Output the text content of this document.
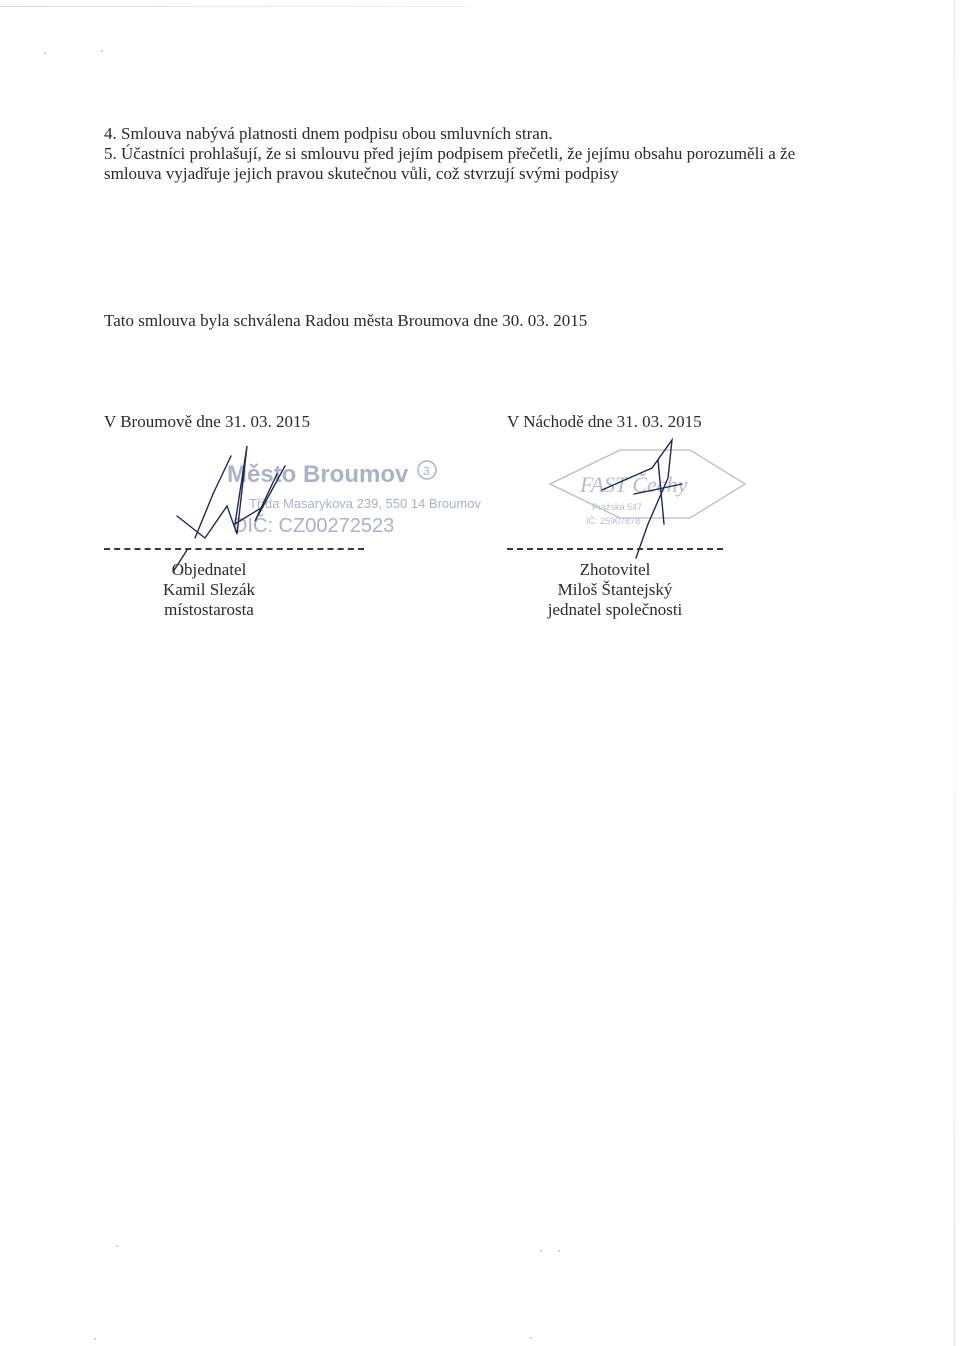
4. Smlouva nabývá platnosti dnem podpisu obou smluvních stran.

5. Účastníci prohlašují, že si smlouvu před jejím podpisem přečetli, že jejímu obsahu porozuměli a že smlouva vyjadřuje jejich pravou skutečnou vůli, což stvrzují svými podpisy

Tato smlouva byla schválena Radou města Broumova dne 30. 03. 2015
V Broumově dne 31. 03. 2015	V Náchodě dne 31. 03. 2015
Město Broumov
Třída Masarykova 239, 550 14 Broumov
DIČ: CZ00272523
3
FAST Čechy
Pražská 547
IČ: 25907878
Objednatel
Kamil Slezák
místostarosta
Zhotovitel
Miloš Štantejský
jednatel společnosti
